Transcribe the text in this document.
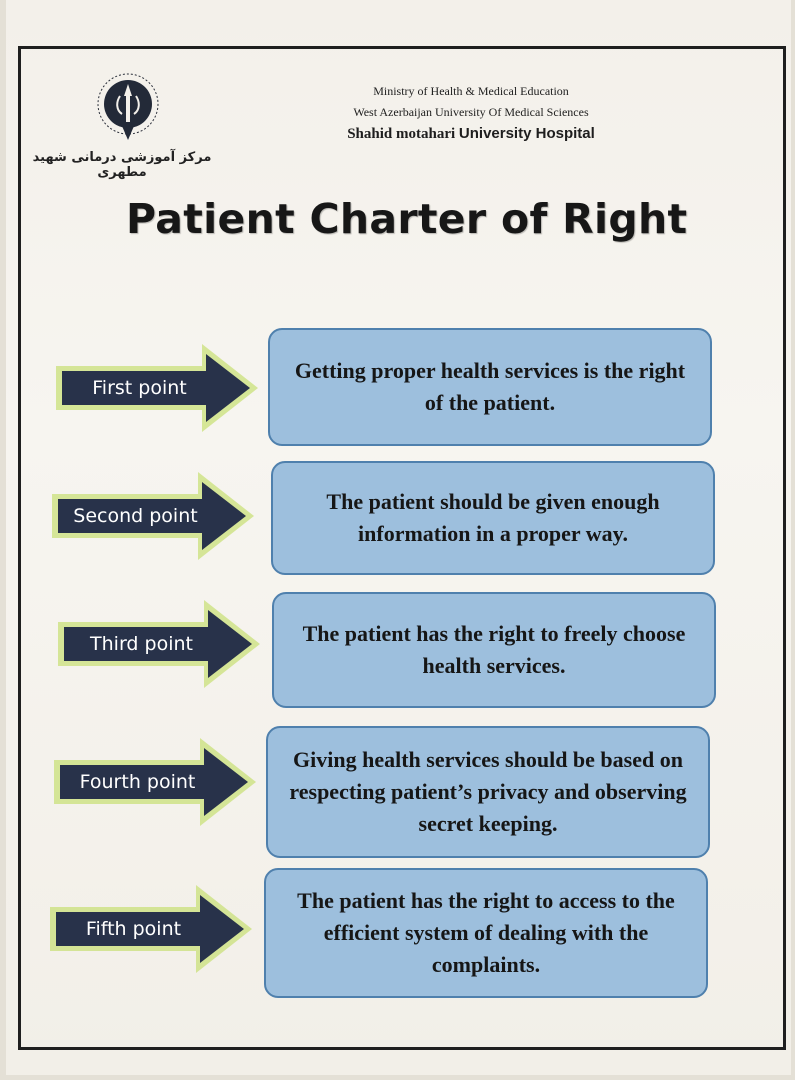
مرکز آموزشی درمانی شهید مطهری
Ministry of Health & Medical Education
West Azerbaijan University Of Medical Sciences
Shahid motahari University Hospital
Patient Charter of Right
First point
Getting proper health services is the right of the patient.
Second point
The patient should be given enough information in a proper way.
Third point	The patient has the right to freely choose health services.
Fourth point
Giving health services should be based on respecting patient’s privacy and observing secret keeping.
Fifth point
The patient has the right to access to the efficient system of dealing with the complaints.
